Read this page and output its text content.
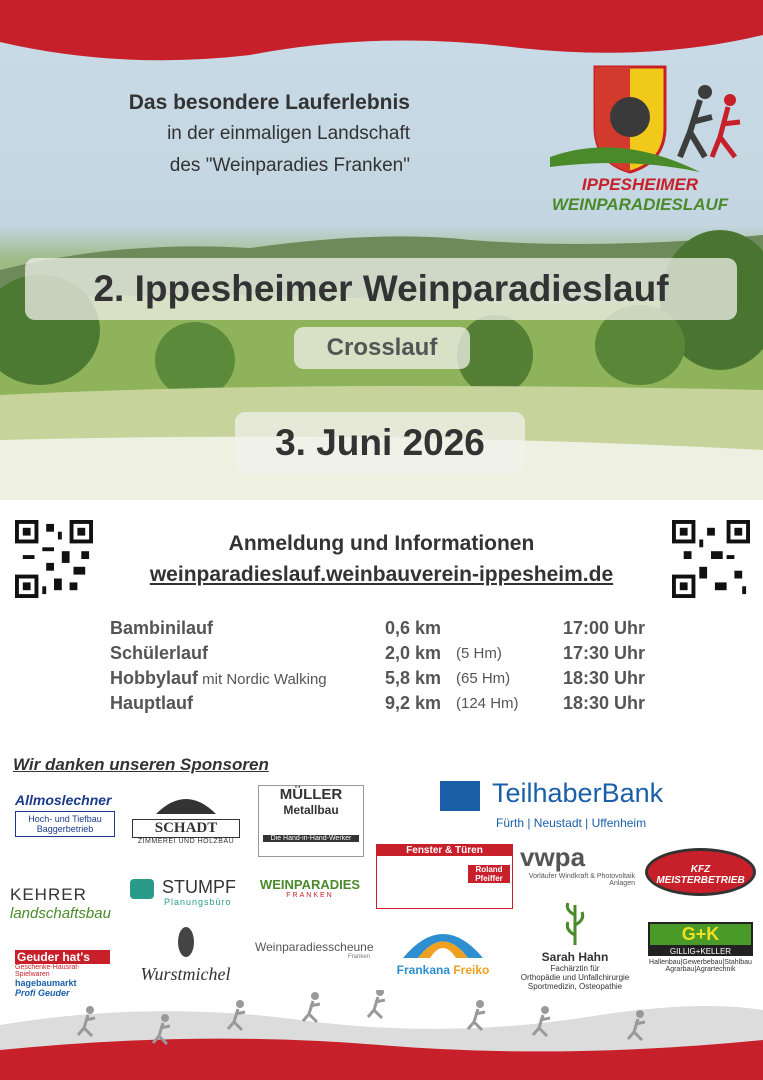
Das besondere Lauferlebnis
in der einmaligen Landschaft
des "Weinparadies Franken"
IPPESHEIMER
WEINPARADIESLAUF
2. Ippesheimer Weinparadieslauf
Crosslauf
3. Juni 2026
Anmeldung und Informationen
weinparadieslauf.weinbauverein-ippesheim.de
Bambinilauf	0,6 km	17:00 Uhr
Schülerlauf	2,0 km (5 Hm)	17:30 Uhr
Hobbylauf mit Nordic Walking	5,8 km (65 Hm)	18:30 Uhr
Hauptlauf	9,2 km (124 Hm) 18:30 Uhr
Wir danken unseren Sponsoren
Allmoslechner
Hoch- und Tiefbau Baggerbetrieb	SCHADT
ZIMMEREI UND HOLZBAU
MÜLLER
Metallbau
Die Hand-in-Hand-Werker
TeilhaberBank
Fürth | Neustadt | Uffenheim
Fenster & Türen
Roland Pfeiffer
vwpa
Vorläufer Windkraft & Photovoltaik Anlagen
KFZ MEISTERBETRIEB
KEHRER
landschaftsbau
STUMPF
Planungsbüro
WEINPARADIES
FRANKEN
Geuder hat's
Geschenke-Hausrat-Spielwaren
hagebaumarkt
Profi Geuder
Wurstmichel
Weinparadiesscheune
Franken
Frankana Freiko
Sarah Hahn
Fachärztin für
Orthopädie und Unfallchirurgie
Sportmedizin, Osteopathie
G+K
GILLIG+KELLER
Hallenbau|Gewerbebau|Stahlbau
Agrarbau|Agrartechnik
